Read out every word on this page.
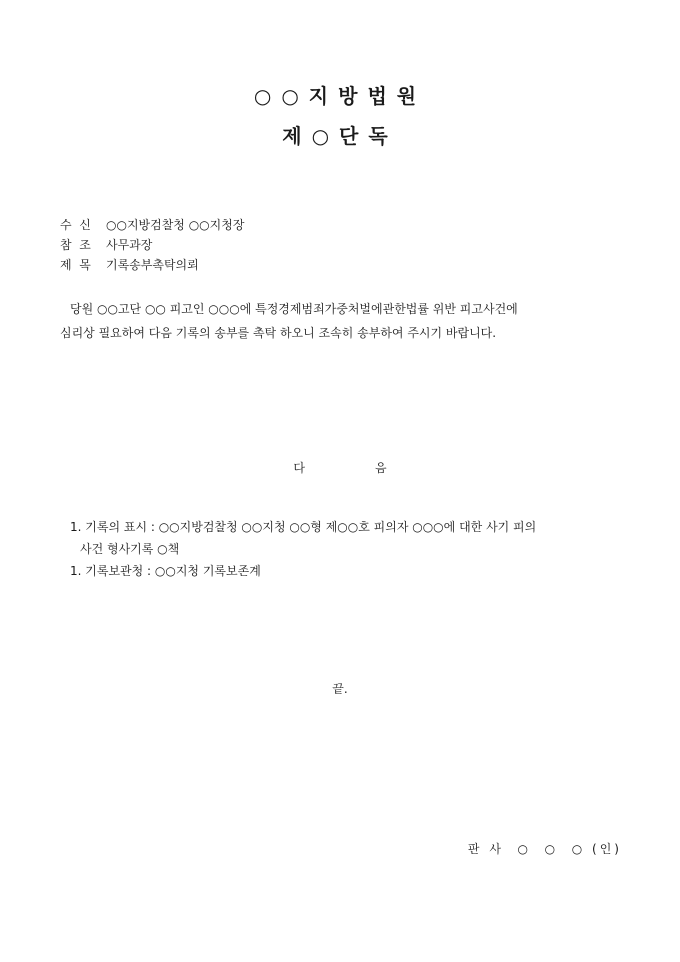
○○지방법원
제○단독
수  신 ○○지방검찰청 ○○지청장
참  조 사무과장
제  목 기록송부촉탁의뢰
당원 ○○고단 ○○ 피고인 ○○○에 특정경제범죄가중처벌에관한법률 위반 피고사건에
심리상 필요하여 다음 기록의 송부를 촉탁 하오니 조속히 송부하여 주시기 바랍니다.
다	음
1. 기록의 표시 : ○○지방검찰청 ○○지청 ○○형 제○○호 피의자 ○○○에 대한 사기 피의
사건 형사기록 ○책
1. 기록보관청 : ○○지청 기록보존계
끝.
판 사  ○  ○  ○ (인)
